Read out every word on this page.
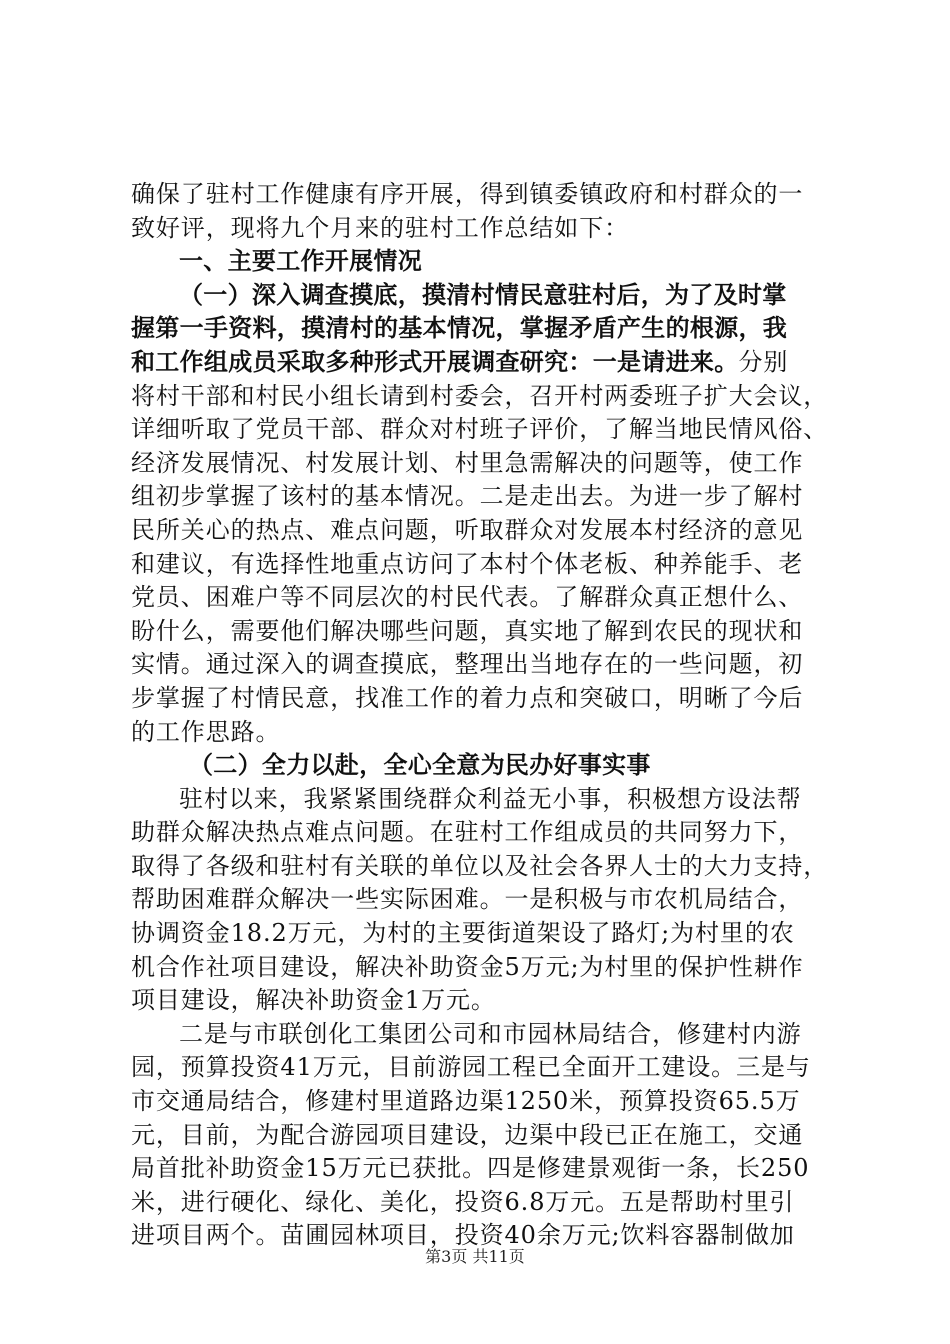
确保了驻村工作健康有序开展，得到镇委镇政府和村群众的一
致好评，现将九个月来的驻村工作总结如下：
一、主要工作开展情况
（一）深入调查摸底，摸清村情民意驻村后，为了及时掌
握第一手资料，摸清村的基本情况，掌握矛盾产生的根源，我
和工作组成员采取多种形式开展调查研究：一是请进来。分别
将村干部和村民小组长请到村委会，召开村两委班子扩大会议，
详细听取了党员干部、群众对村班子评价，了解当地民情风俗、
经济发展情况、村发展计划、村里急需解决的问题等，使工作
组初步掌握了该村的基本情况。二是走出去。为进一步了解村
民所关心的热点、难点问题，听取群众对发展本村经济的意见
和建议，有选择性地重点访问了本村个体老板、种养能手、老
党员、困难户等不同层次的村民代表。了解群众真正想什么、
盼什么，需要他们解决哪些问题，真实地了解到农民的现状和
实情。通过深入的调查摸底，整理出当地存在的一些问题，初
步掌握了村情民意，找准工作的着力点和突破口，明晰了今后
的工作思路。
（二）全力以赴，全心全意为民办好事实事
驻村以来，我紧紧围绕群众利益无小事，积极想方设法帮
助群众解决热点难点问题。在驻村工作组成员的共同努力下，
取得了各级和驻村有关联的单位以及社会各界人士的大力支持，
帮助困难群众解决一些实际困难。一是积极与市农机局结合，
协调资金18.2万元，为村的主要街道架设了路灯;为村里的农
机合作社项目建设，解决补助资金5万元;为村里的保护性耕作
项目建设，解决补助资金1万元。
二是与市联创化工集团公司和市园林局结合，修建村内游
园，预算投资41万元，目前游园工程已全面开工建设。三是与
市交通局结合，修建村里道路边渠1250米，预算投资65.5万
元，目前，为配合游园项目建设，边渠中段已正在施工，交通
局首批补助资金15万元已获批。四是修建景观街一条，长250
米，进行硬化、绿化、美化，投资6.8万元。五是帮助村里引
进项目两个。苗圃园林项目，投资40余万元;饮料容器制做加
第3页 共11页
